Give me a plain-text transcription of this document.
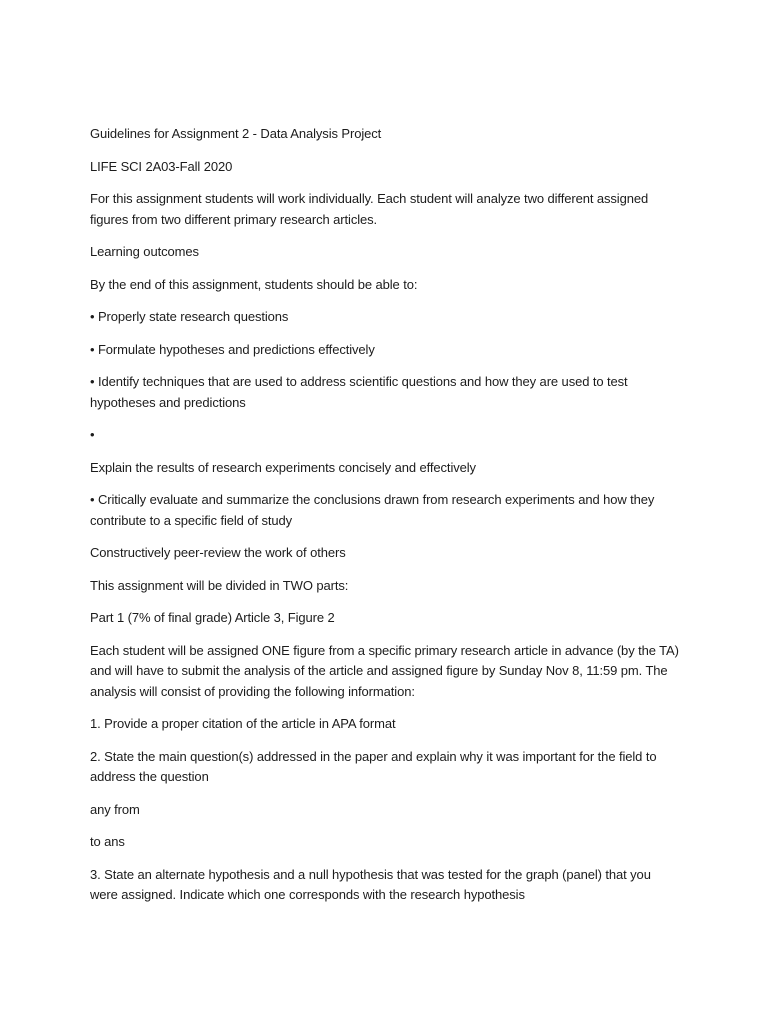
Guidelines for Assignment 2 - Data Analysis Project

LIFE SCI 2A03-Fall 2020

For this assignment students will work individually. Each student will analyze two different assigned figures from two different primary research articles.

Learning outcomes

By the end of this assignment, students should be able to:

• Properly state research questions

• Formulate hypotheses and predictions effectively

• Identify techniques that are used to address scientific questions and how they are used to test hypotheses and predictions

•

Explain the results of research experiments concisely and effectively

• Critically evaluate and summarize the conclusions drawn from research experiments and how they contribute to a specific field of study

Constructively peer-review the work of others

This assignment will be divided in TWO parts:

Part 1 (7% of final grade) Article 3, Figure 2

Each student will be assigned ONE figure from a specific primary research article in advance (by the TA) and will have to submit the analysis of the article and assigned figure by Sunday Nov 8, 11:59 pm. The analysis will consist of providing the following information:

1. Provide a proper citation of the article in APA format

2. State the main question(s) addressed in the paper and explain why it was important for the field to address the question

any from

to ans

3. State an alternate hypothesis and a null hypothesis that was tested for the graph (panel) that you were assigned. Indicate which one corresponds with the research hypothesis
